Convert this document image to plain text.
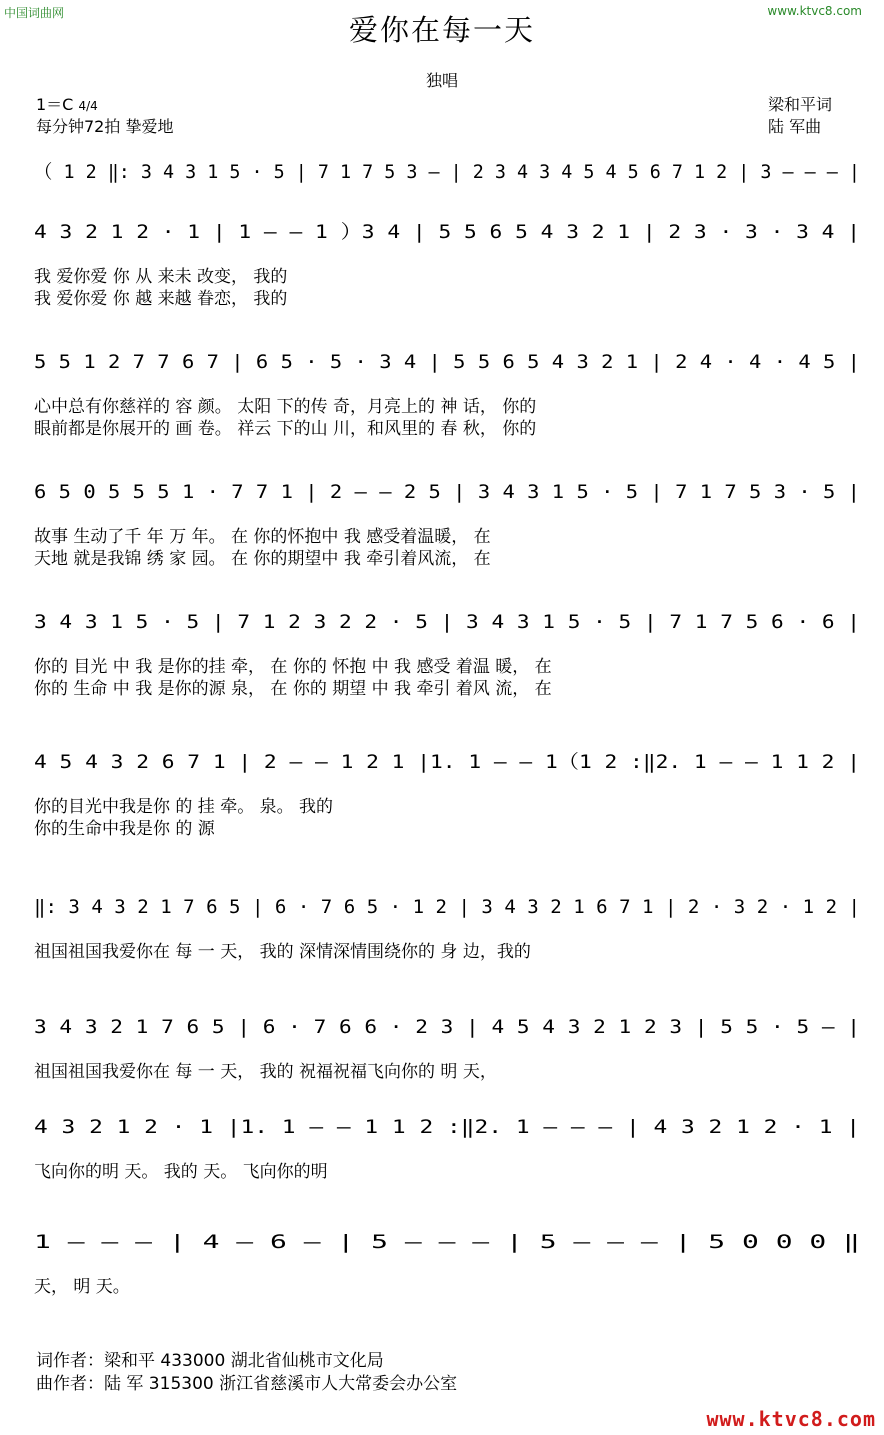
中国词曲网	www.ktvc8.com
爱你在每一天
独唱
1＝C 4/4
每分钟72拍 挚爱地
梁和平词
陆 军曲
（ 1 2 ‖: 3 4 3 1 5 · 5 | 7 1 7 5 3 – | 2 3 4 3 4 5 4 5 6 7 1 2 | 3 – – – |
4 3 2 1 2 · 1 | 1 – – 1 ）3 4 | 5 5 6 5 4 3 2 1 | 2 3 · 3 · 3 4 |
我 爱你爱 你 从 来未 改变， 我的
我 爱你爱 你 越 来越 眷恋， 我的
5 5 1 2 7 7 6 7 | 6 5 · 5 · 3 4 | 5 5 6 5 4 3 2 1 | 2 4 · 4 · 4 5 |
心中总有你慈祥的 容 颜。 太阳 下的传 奇，月亮上的 神 话， 你的
眼前都是你展开的 画 卷。 祥云 下的山 川，和风里的 春 秋， 你的
6 5 0 5 5 5 1 · 7 7 1 | 2 – – 2 5 | 3 4 3 1 5 · 5 | 7 1 7 5 3 · 5 |
故事 生动了千 年 万 年。 在 你的怀抱中 我 感受着温暖， 在
天地 就是我锦 绣 家 园。 在 你的期望中 我 牵引着风流， 在
3 4 3 1 5 · 5 | 7 1 2 3 2 2 · 5 | 3 4 3 1 5 · 5 | 7 1 7 5 6 · 6 |
你的 目光 中 我 是你的挂 牵， 在 你的 怀抱 中 我 感受 着温 暖， 在
你的 生命 中 我 是你的源 泉， 在 你的 期望 中 我 牵引 着风 流， 在
4 5 4 3 2 6 7 1 | 2 – – 1 2 1 |1. 1 – – 1（1 2 :‖2. 1 – – 1 1 2 |
你的目光中我是你 的 挂 牵。 泉。 我的
你的生命中我是你 的 源
‖: 3 4 3 2 1 7 6 5 | 6 · 7 6 5 · 1 2 | 3 4 3 2 1 6 7 1 | 2 · 3 2 · 1 2 |
祖国祖国我爱你在 每 一 天， 我的 深情深情围绕你的 身 边，我的
3 4 3 2 1 7 6 5 | 6 · 7 6 6 · 2 3 | 4 5 4 3 2 1 2 3 | 5 5 · 5 – |
祖国祖国我爱你在 每 一 天， 我的 祝福祝福飞向你的 明 天，
4 3 2 1 2 · 1 |1. 1 – – 1 1 2 :‖2. 1 – – – | 4 3 2 1 2 · 1 |
飞向你的明 天。 我的 天。 飞向你的明
1 – – – | 4 – 6 – | 5 – – – | 5 – – – | 5 0 0 0 ‖
天， 明 天。
词作者：梁和平 433000 湖北省仙桃市文化局
曲作者：陆 军 315300 浙江省慈溪市人大常委会办公室
www.ktvc8.com
